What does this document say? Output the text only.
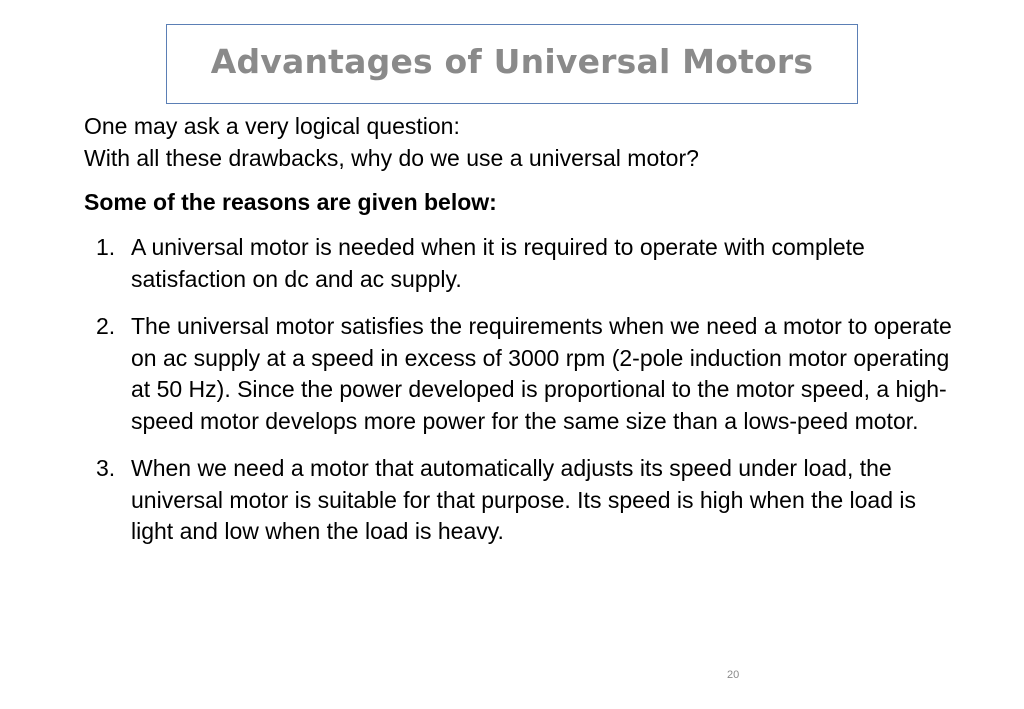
Advantages of Universal Motors

One may ask a very logical question:

With all these drawbacks, why do we use a universal motor?

Some of the reasons are given below:
1. A universal motor is needed when it is required to operate with complete satisfaction on dc and ac supply.
2. The universal motor satisfies the requirements when we need a motor to operate on ac supply at a speed in excess of 3000 rpm (2-pole induction motor operating at 50 Hz). Since the power developed is proportional to the motor speed, a high-speed motor develops more power for the same size than a lows-peed motor.
3. When we need a motor that automatically adjusts its speed under load, the universal motor is suitable for that purpose. Its speed is high when the load is light and low when the load is heavy.
20
